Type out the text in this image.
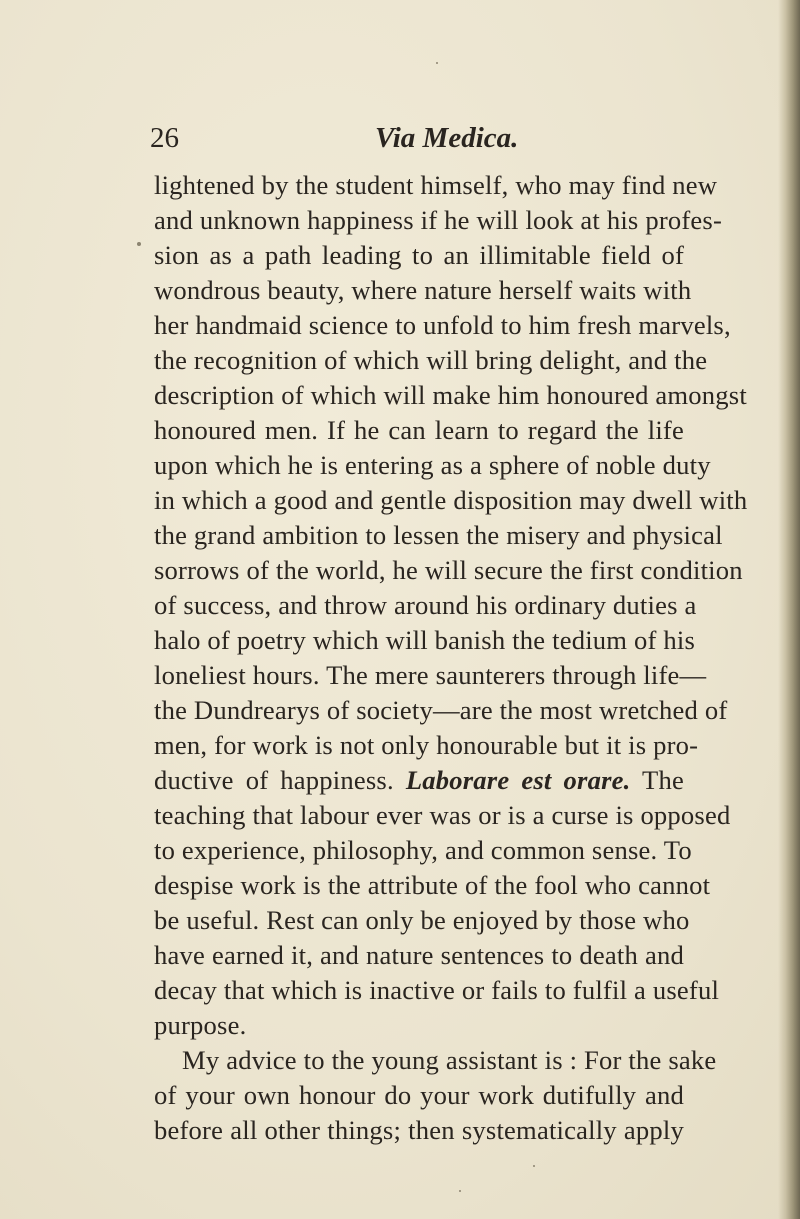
26	Via Medica.
lightened by the student himself, who may find new
and unknown happiness if he will look at his profes-
sion as a path leading to an illimitable field of
wondrous beauty, where nature herself waits with
her handmaid science to unfold to him fresh marvels,
the recognition of which will bring delight, and the
description of which will make him honoured amongst
honoured men. If he can learn to regard the life
upon which he is entering as a sphere of noble duty
in which a good and gentle disposition may dwell with
the grand ambition to lessen the misery and physical
sorrows of the world, he will secure the first condition
of success, and throw around his ordinary duties a
halo of poetry which will banish the tedium of his
loneliest hours. The mere saunterers through life—
the Dundrearys of society—are the most wretched of
men, for work is not only honourable but it is pro-
ductive of happiness. Laborare est orare. The
teaching that labour ever was or is a curse is opposed
to experience, philosophy, and common sense. To
despise work is the attribute of the fool who cannot
be useful. Rest can only be enjoyed by those who
have earned it, and nature sentences to death and
decay that which is inactive or fails to fulfil a useful
purpose.
My advice to the young assistant is : For the sake
of your own honour do your work dutifully and
before all other things; then systematically apply
